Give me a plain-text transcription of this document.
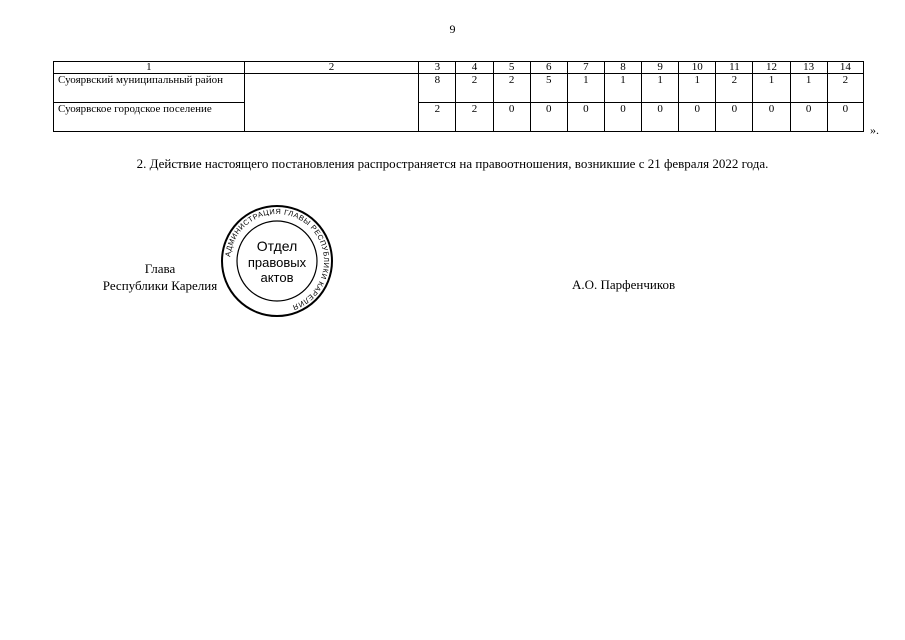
9
1	2	3	4	5	6	7	8	9	10	11	12	13	14
Суоярвский муниципальный район		8	2	2	5	1	1	1	1	2	1	1	2
Суоярвское городское поселение		2	2	0	0	0	0	0	0	0	0	0	0
».
2. Действие настоящего постановления распространяется на правоотношения, возникшие с 21 февраля 2022 года.
Глава
Республики Карелия	А.О. Парфенчиков
АДМИНИСТРАЦИЯ ГЛАВЫ РЕСПУБЛИКИ КАРЕЛИЯ
Отдел
правовых
актов
